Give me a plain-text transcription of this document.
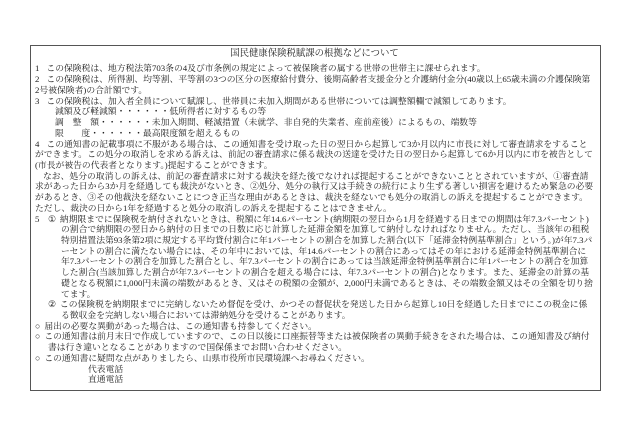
国民健康保険税賦課の根拠などについて
1 この保険税は、地方税法第703条の4及び市条例の規定によって被保険者の属する世帯の世帯主に課せられます。
2 この保険税は、所得割、均等割、平等割の3つの区分の医療給付費分、後期高齢者支援金分と介護納付金分(40歳以上65歳未満の介護保険第2号被保険者)の合計額です。
3 この保険税は、加入者全員について賦課し、世帯員に未加入期間がある世帯については調整額欄で減額してあります。
減額及び軽減額・・・・・・低所得者に対するもの等
調　整　額・・・・・・未加入期間、軽減措置（未就学、非自発的失業者、産前産後）によるもの、端数等
限　　度・・・・・・最高限度額を超えるもの
4 この通知書の記載事項に不服がある場合は、この通知書を受け取った日の翌日から起算して3か月以内に市長に対して審査請求をすることができます。この処分の取消しを求める訴えは、前記の審査請求に係る裁決の送達を受けた日の翌日から起算して6か月以内に市を被告として(市長が被告の代表者となります。)提起することができます。
なお、処分の取消しの訴えは、前記の審査請求に対する裁決を経た後でなければ提起することができないこととされていますが、①審査請求があった日から3か月を経過しても裁決がないとき、②処分、処分の執行又は手続きの続行により生ずる著しい損害を避けるため緊急の必要があるとき、③その他裁決を経ないことにつき正当な理由があるときは、裁決を経ないでも処分の取消しの訴えを提起することができます。ただし、裁決の日から1年を経過すると処分の取消しの訴えを提起することはできません。
5 ① 納期限までに保険税を納付されないときは、税額に年14.6パーセント(納期限の翌日から1月を経過する日までの期間は年7.3パーセント)の割合で納期限の翌日から納付の日までの日数に応じ計算した延滞金額を加算して納付しなければなりません。ただし、当該年の租税特別措置法第93条第2項に規定する平均貸付割合に年1パーセントの割合を加算した割合(以下「延滞金特例基準割合」という。)が年7.3パーセントの割合に満たない場合には、その年中においては、年14.6パーセントの割合にあってはその年における延滞金特例基準割合に年7.3パーセントの割合を加算した割合とし、年7.3パーセントの割合にあっては当該延滞金特例基準割合に年1パーセントの割合を加算した割合(当該加算した割合が年7.3パーセントの割合を超える場合には、年7.3パーセントの割合)となります。また、延滞金の計算の基礎となる税額に1,000円未満の端数があるとき、又はその税額の金額が、2,000円未満であるときは、その端数金額又はその全額を切り捨てます。
② この保険税を納期限までに完納しないため督促を受け、かつその督促状を発送した日から起算し10日を経過した日までにこの税金に係る徴収金を完納しない場合においては滞納処分を受けることがあります。
○ 届出の必要な異動があった場合は、この通知書も持参してください。
○ この通知書は前月末日で作成していますので、この日以後に口座振替等または被保険者の異動手続きをされた場合は、この通知書及び納付書は行き違いとなることがありますので国保係までお問い合わせください。
○ この通知書に疑問な点がありましたら、山県市役所市民環境課へお尋ねください。
代表電話
直通電話
